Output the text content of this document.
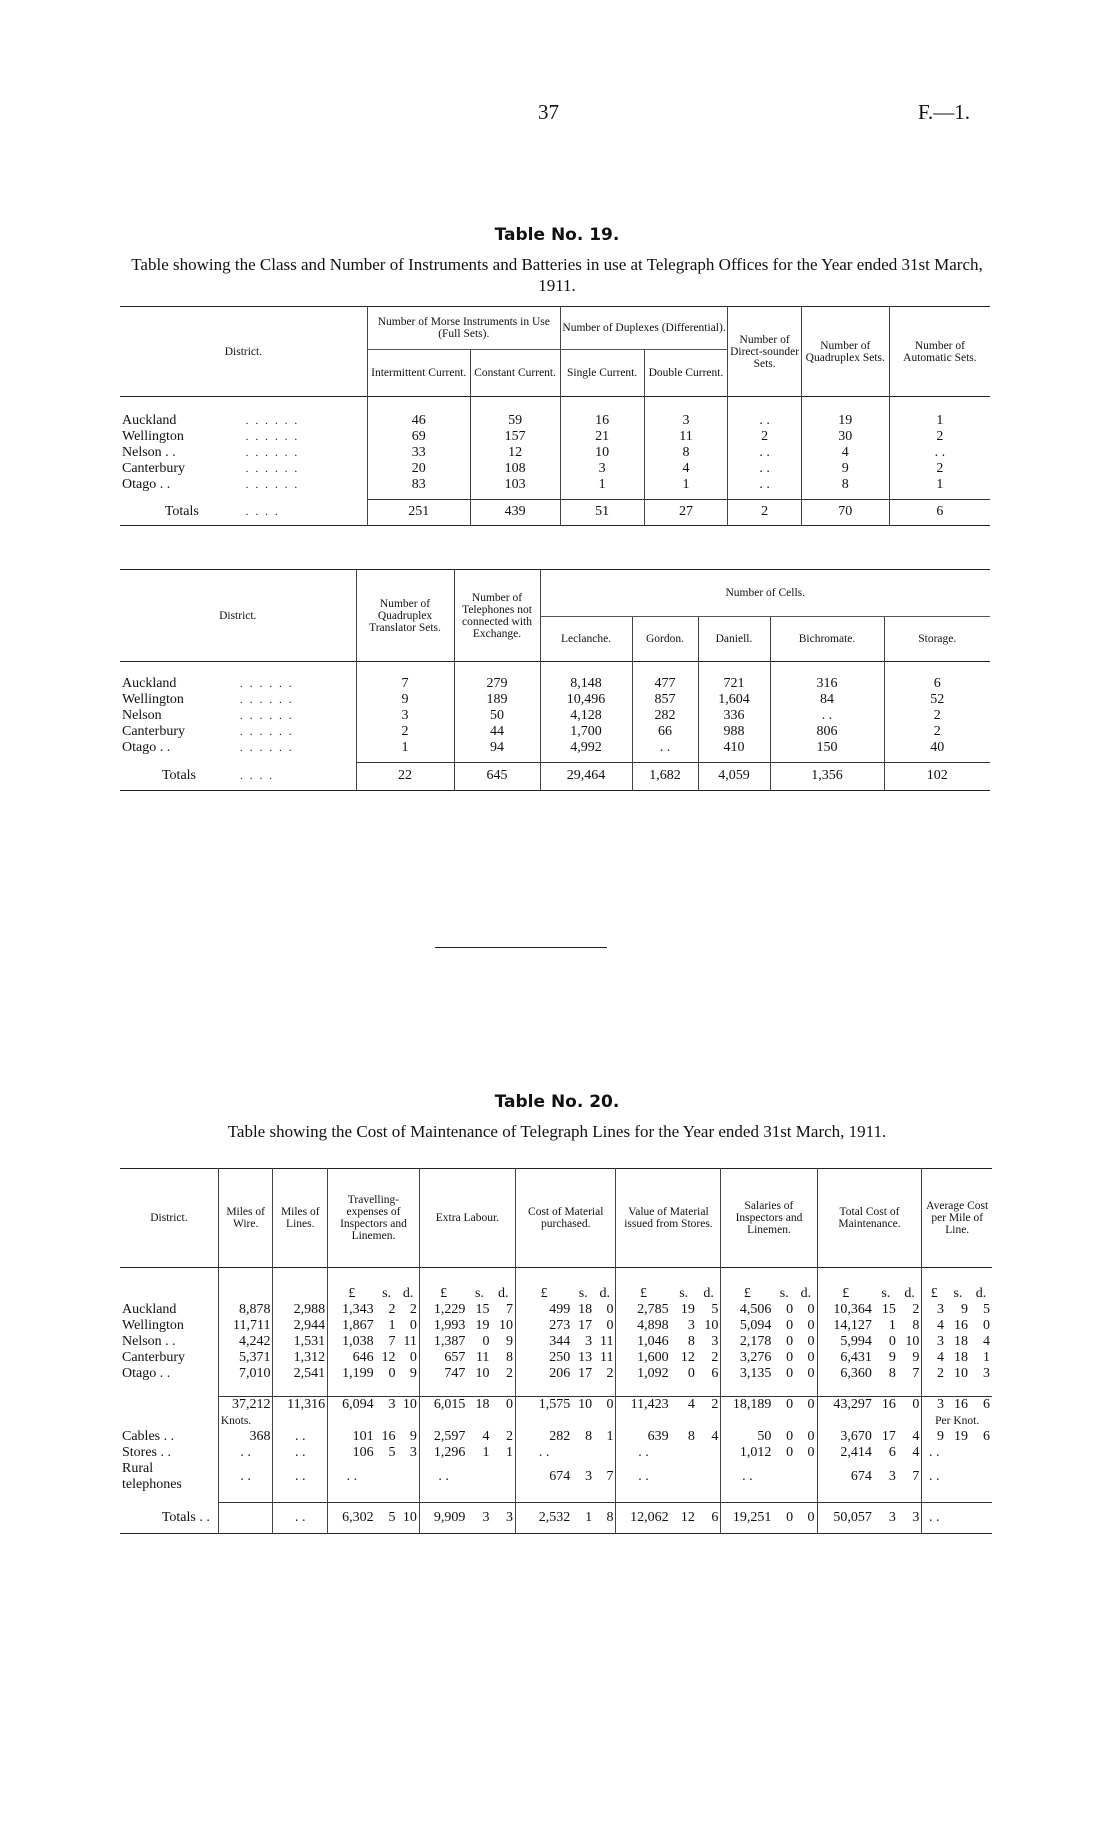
37	F.—1.
Table No. 19.
Table showing the Class and Number of Instruments and Batteries in use at Telegraph Offices for the Year ended 31st March, 1911.
District.		Number of Morse Instruments in Use (Full Sets).		Number of Duplexes (Differential).		Number of Direct-sounder Sets.	Number of Quadruplex Sets.	Number of Automatic Sets.
		Intermittent Current.	Constant Current.	Single Current.	Double Current.			

Auckland	. . . . . .	46	59	16	3	. .	19	1
Wellington	. . . . . .	69	157	21	11	2	30	2
Nelson . .	. . . . . .	33	12	10	8	. .	4	. .
Canterbury	. . . . . .	20	108	3	4	. .	9	2
Otago . .	. . . . . .	83	103	1	1	. .	8	1

Totals	. . . .	251	439	51	27	2	70	6
District.		Number of Quadruplex Translator Sets.	Number of Telephones not connected with Exchange.	Number of Cells.				
				Leclanche.	Gordon.	Daniell.	Bichromate.	Storage.

Auckland	. . . . . .	7	279	8,148	477	721	316	6
Wellington	. . . . . .	9	189	10,496	857	1,604	84	52
Nelson	. . . . . .	3	50	4,128	282	336	. .	2
Canterbury	. . . . . .	2	44	1,700	66	988	806	2
Otago . .	. . . . . .	1	94	4,992	. .	410	150	40

Totals	. . . .	22	645	29,464	1,682	4,059	1,356	102
Table No. 20.
Table showing the Cost of Maintenance of Telegraph Lines for the Year ended 31st March, 1911.
District.	Miles of Wire.	Miles of Lines.	Travelling-expenses of Inspectors and Linemen.			Extra Labour.			Cost of Material purchased.			Value of Material issued from Stores.			Salaries of Inspectors and Linemen.			Total Cost of Maintenance.			Average Cost per Mile of Line.		
			£	s.	d.	£	s.	d.	£	s.	d.	£	s.	d.	£	s.	d.	£	s.	d.	£	s.	d.
Auckland	8,878	2,988	1,343	2	2	1,229	15	7	499	18	0	2,785	19	5	4,506	0	0	10,364	15	2	3	9	5
Wellington	11,711	2,944	1,867	1	0	1,993	19	10	273	17	0	4,898	3	10	5,094	0	0	14,127	1	8	4	16	0
Nelson . .	4,242	1,531	1,038	7	11	1,387	0	9	344	3	11	1,046	8	3	2,178	0	0	5,994	0	10	3	18	4
Canterbury	5,371	1,312	646	12	0	657	11	8	250	13	11	1,600	12	2	3,276	0	0	6,431	9	9	4	18	1
Otago . .	7,010	2,541	1,199	0	9	747	10	2	206	17	2	1,092	0	6	3,135	0	0	6,360	8	7	2	10	3

	37,212	11,316	6,094	3	10	6,015	18	0	1,575	10	0	11,423	4	2	18,189	0	0	43,297	16	0	3	16	6
	Knots.																				Per Knot.		
Cables . .	368	. .	101	16	9	2,597	4	2	282	8	1	639	8	4	50	0	0	3,670	17	4	9	19	6
Stores . .	. .	. .	106	5	3	1,296	1	1	. .			. .			1,012	0	0	2,414	6	4	. .		
Rural telephones	. .	. .	. .			. .			674	3	7	. .			. .			674	3	7	. .		

Totals . .		. .	6,302	5	10	9,909	3	3	2,532	1	8	12,062	12	6	19,251	0	0	50,057	3	3	. .		
